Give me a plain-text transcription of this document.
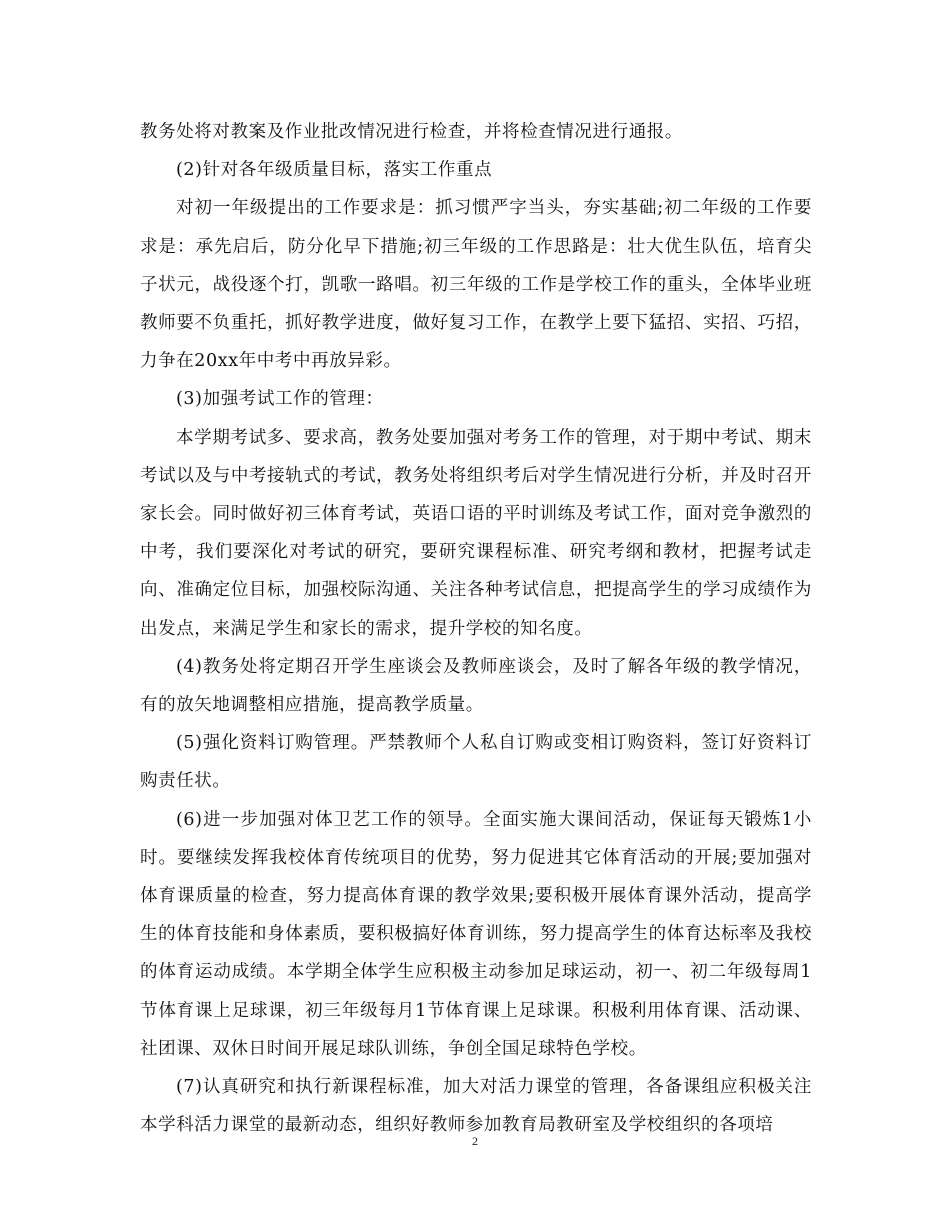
教务处将对教案及作业批改情况进行检查，并将检查情况进行通报。

(2)针对各年级质量目标，落实工作重点

对初一年级提出的工作要求是：抓习惯严字当头，夯实基础;初二年级的工作要求是：承先启后，防分化早下措施;初三年级的工作思路是：壮大优生队伍，培育尖子状元，战役逐个打，凯歌一路唱。初三年级的工作是学校工作的重头，全体毕业班教师要不负重托，抓好教学进度，做好复习工作，在教学上要下猛招、实招、巧招，力争在20xx年中考中再放异彩。

(3)加强考试工作的管理：

本学期考试多、要求高，教务处要加强对考务工作的管理，对于期中考试、期末考试以及与中考接轨式的考试，教务处将组织考后对学生情况进行分析，并及时召开家长会。同时做好初三体育考试，英语口语的平时训练及考试工作，面对竞争激烈的中考，我们要深化对考试的研究，要研究课程标准、研究考纲和教材，把握考试走向、准确定位目标，加强校际沟通、关注各种考试信息，把提高学生的学习成绩作为出发点，来满足学生和家长的需求，提升学校的知名度。

(4)教务处将定期召开学生座谈会及教师座谈会，及时了解各年级的教学情况，有的放矢地调整相应措施，提高教学质量。

(5)强化资料订购管理。严禁教师个人私自订购或变相订购资料，签订好资料订购责任状。

(6)进一步加强对体卫艺工作的领导。全面实施大课间活动，保证每天锻炼1小时。要继续发挥我校体育传统项目的优势，努力促进其它体育活动的开展;要加强对体育课质量的检查，努力提高体育课的教学效果;要积极开展体育课外活动，提高学生的体育技能和身体素质，要积极搞好体育训练，努力提高学生的体育达标率及我校的体育运动成绩。本学期全体学生应积极主动参加足球运动，初一、初二年级每周1节体育课上足球课，初三年级每月1节体育课上足球课。积极利用体育课、活动课、社团课、双休日时间开展足球队训练，争创全国足球特色学校。

(7)认真研究和执行新课程标准，加大对活力课堂的管理，各备课组应积极关注本学科活力课堂的最新动态，组织好教师参加教育局教研室及学校组织的各项培

2
